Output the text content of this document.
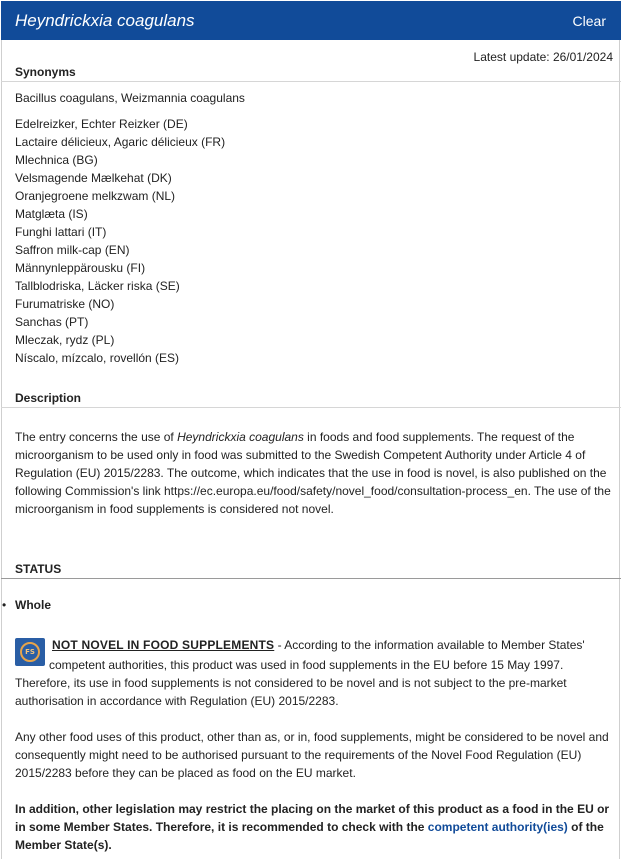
Heyndrickxia coagulans	Clear
Latest update: 26/01/2024
Synonyms
Bacillus coagulans, Weizmannia coagulans
Edelreizker, Echter Reizker (DE)
Lactaire délicieux, Agaric délicieux (FR)
Mlechnica (BG)
Velsmagende Mælkehat (DK)
Oranjegroene melkzwam (NL)
Matglæta (IS)
Funghi lattari (IT)
Saffron milk-cap (EN)
Männynleppärousku (FI)
Tallblodriska, Läcker riska (SE)
Furumatriske (NO)
Sanchas (PT)
Mleczak, rydz (PL)
Níscalo, mízcalo, rovellón (ES)
Description
The entry concerns the use of Heyndrickxia coagulans in foods and food supplements. The request of the microorganism to be used only in food was submitted to the Swedish Competent Authority under Article 4 of Regulation (EU) 2015/2283. The outcome, which indicates that the use in food is novel, is also published on the following Commission's link https://ec.europa.eu/food/safety/novel_food/consultation-process_en. The use of the microorganism in food supplements is considered not novel.
STATUS
• Whole
FS	NOT NOVEL IN FOOD SUPPLEMENTS - According to the information available to Member States'
competent authorities, this product was used in food supplements in the EU before 15 May 1997. Therefore, its use in food supplements is not considered to be novel and is not subject to the pre-market authorisation in accordance with Regulation (EU) 2015/2283.
Any other food uses of this product, other than as, or in, food supplements, might be considered to be novel and consequently might need to be authorised pursuant to the requirements of the Novel Food Regulation (EU) 2015/2283 before they can be placed as food on the EU market.
In addition, other legislation may restrict the placing on the market of this product as a food in the EU or in some Member States. Therefore, it is recommended to check with the competent authority(ies) of the Member State(s).
